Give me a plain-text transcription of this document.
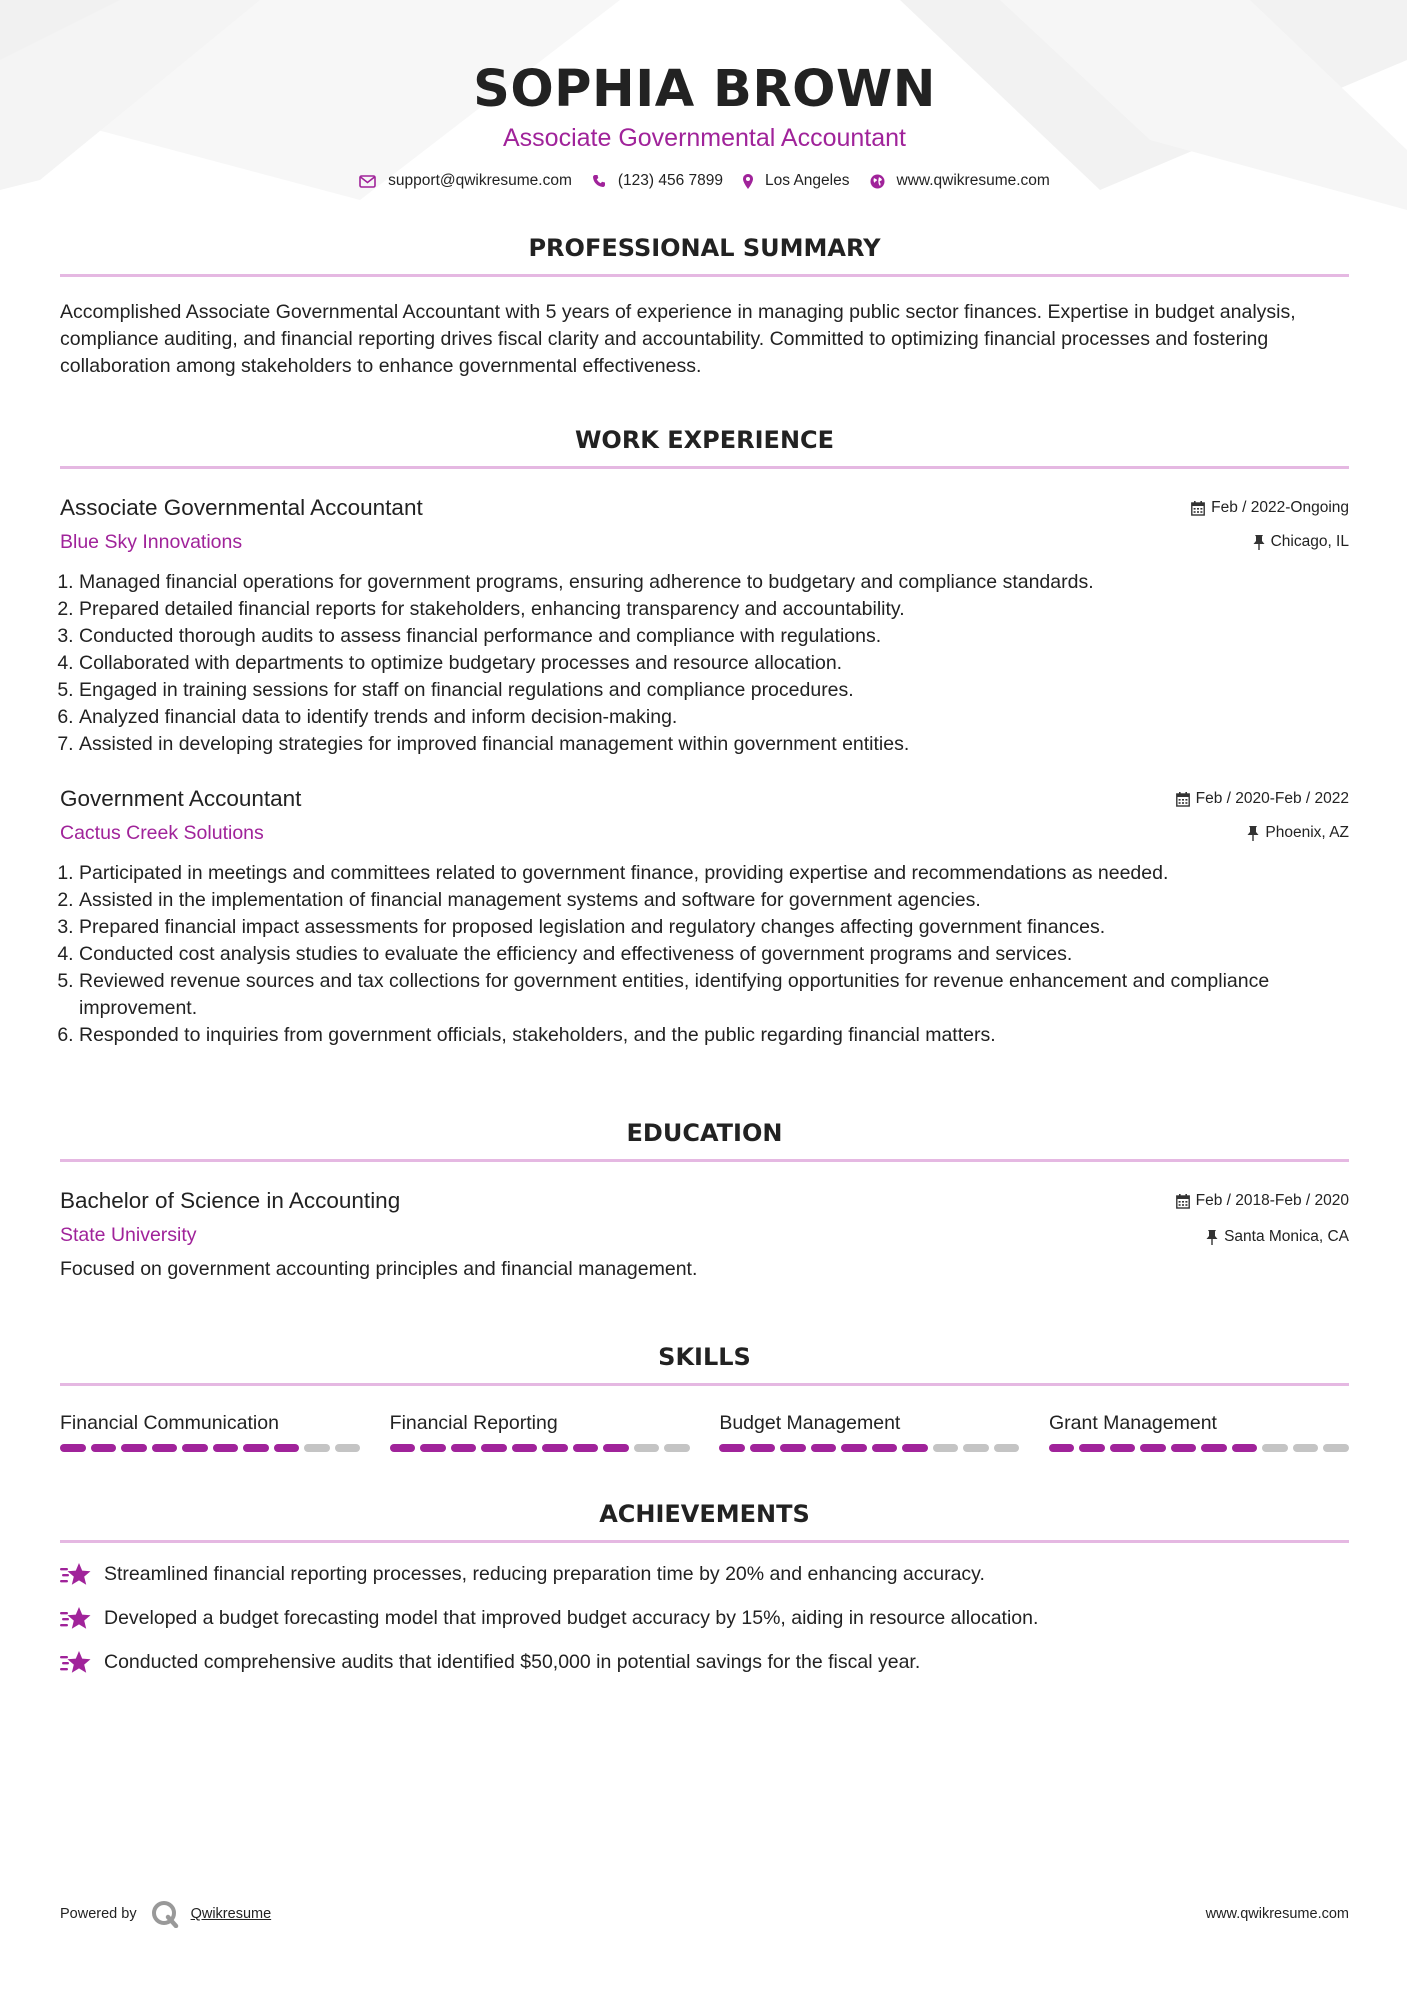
SOPHIA BROWN
Associate Governmental Accountant
support@qwikresume.com	(123) 456 7899	Los Angeles	www.qwikresume.com
PROFESSIONAL SUMMARY

Accomplished Associate Governmental Accountant with 5 years of experience in managing public sector finances. Expertise in budget analysis, compliance auditing, and financial reporting drives fiscal clarity and accountability. Committed to optimizing financial processes and fostering collaboration among stakeholders to enhance governmental effectiveness.

WORK EXPERIENCE
Associate Governmental Accountant
Blue Sky Innovations
Feb / 2022-Ongoing
Chicago, IL
1. Managed financial operations for government programs, ensuring adherence to budgetary and compliance standards.
2. Prepared detailed financial reports for stakeholders, enhancing transparency and accountability.
3. Conducted thorough audits to assess financial performance and compliance with regulations.
4. Collaborated with departments to optimize budgetary processes and resource allocation.
5. Engaged in training sessions for staff on financial regulations and compliance procedures.
6. Analyzed financial data to identify trends and inform decision-making.
7. Assisted in developing strategies for improved financial management within government entities.
Government Accountant
Cactus Creek Solutions
Feb / 2020-Feb / 2022
Phoenix, AZ
1. Participated in meetings and committees related to government finance, providing expertise and recommendations as needed.
2. Assisted in the implementation of financial management systems and software for government agencies.
3. Prepared financial impact assessments for proposed legislation and regulatory changes affecting government finances.
4. Conducted cost analysis studies to evaluate the efficiency and effectiveness of government programs and services.
5. Reviewed revenue sources and tax collections for government entities, identifying opportunities for revenue enhancement and compliance improvement.
6. Responded to inquiries from government officials, stakeholders, and the public regarding financial matters.
EDUCATION
Bachelor of Science in Accounting
State University
Feb / 2018-Feb / 2020
Santa Monica, CA

Focused on government accounting principles and financial management.

SKILLS
Financial Communication	Financial Reporting	Budget Management	Grant Management
ACHIEVEMENTS
Streamlined financial reporting processes, reducing preparation time by 20% and enhancing accuracy.
Developed a budget forecasting model that improved budget accuracy by 15%, aiding in resource allocation.
Conducted comprehensive audits that identified $50,000 in potential savings for the fiscal year.
Powered by	Qwikresume	www.qwikresume.com
